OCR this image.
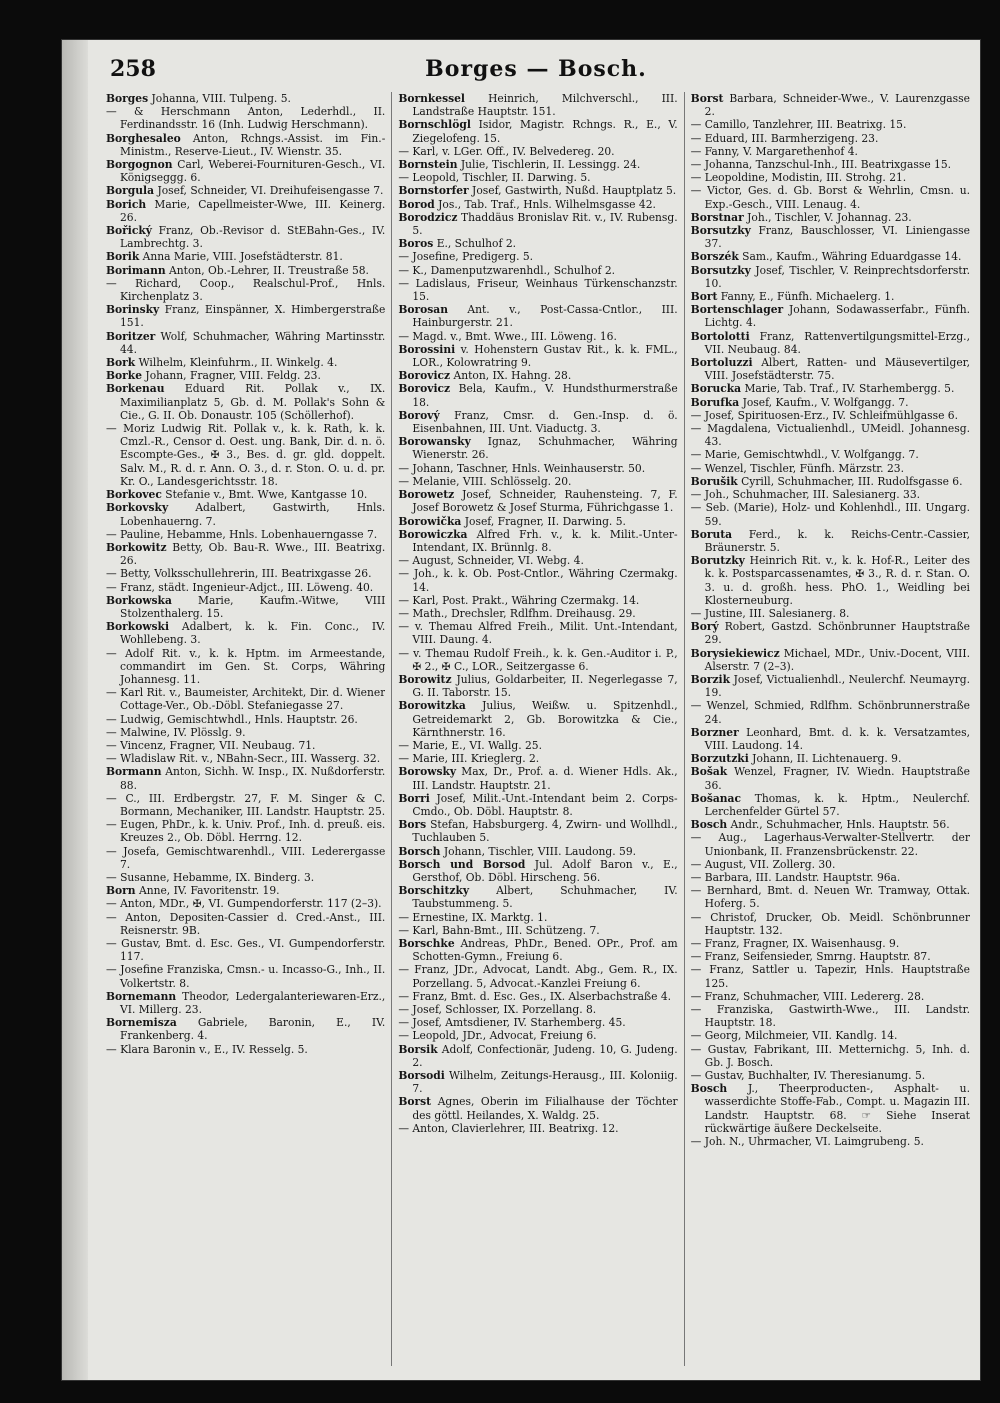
258	Borges — Bosch.

Borges Johanna, VIII. Tulpeng. 5.

— & Herschmann Anton, Lederhdl., II. Ferdinandsstr. 16 (Inh. Ludwig Herschmann).

Borghesaleo Anton, Rchngs.-Assist. im Fin.-Ministm., Reserve-Lieut., IV. Wienstr. 35.

Borgognon Carl, Weberei-Fournituren-Gesch., VI. Königseggg. 6.

Borgula Josef, Schneider, VI. Dreihufeisengasse 7.

Borich Marie, Capellmeister-Wwe, III. Keinerg. 26.

Bořický Franz, Ob.-Revisor d. StEBahn-Ges., IV. Lambrechtg. 3.

Borik Anna Marie, VIII. Josefstädterstr. 81.

Borimann Anton, Ob.-Lehrer, II. Treustraße 58.

— Richard, Coop., Realschul-Prof., Hnls. Kirchenplatz 3.

Borinsky Franz, Einspänner, X. Himbergerstraße 151.

Boritzer Wolf, Schuhmacher, Währing Martinsstr. 44.

Bork Wilhelm, Kleinfuhrm., II. Winkelg. 4.

Borke Johann, Fragner, VIII. Feldg. 23.

Borkenau Eduard Rit. Pollak v., IX. Maximilianplatz 5, Gb. d. M. Pollak's Sohn & Cie., G. II. Ob. Donaustr. 105 (Schöllerhof).

— Moriz Ludwig Rit. Pollak v., k. k. Rath, k. k. Cmzl.-R., Censor d. Oest. ung. Bank, Dir. d. n. ö. Escompte-Ges., ✠ 3., Bes. d. gr. gld. doppelt. Salv. M., R. d. r. Ann. O. 3., d. r. Ston. O. u. d. pr. Kr. O., Landesgerichtsstr. 18.

Borkovec Stefanie v., Bmt. Wwe, Kantgasse 10.

Borkovsky	Adalbert, Gastwirth, Hnls. Lobenhauerng. 7.

— Pauline, Hebamme, Hnls. Lobenhauerngasse 7.

Borkowitz Betty, Ob. Bau-R. Wwe., III. Beatrixg. 26.

— Betty, Volksschullehrerin, III. Beatrixgasse 26.

— Franz, städt. Ingenieur-Adjct., III. Löweng. 40.

Borkowska Marie, Kaufm.-Witwe, VIII Stolzenthalerg. 15.

Borkowski Adalbert, k. k. Fin. Conc., IV. Wohllebeng. 3.

— Adolf Rit. v., k. k. Hptm. im Armeestande, commandirt im Gen. St. Corps, Währing Johannesg. 11.

— Karl Rit. v., Baumeister, Architekt, Dir. d. Wiener Cottage-Ver., Ob.-Döbl. Stefaniegasse 27.

— Ludwig, Gemischtwhdl., Hnls. Hauptstr. 26.

— Malwine, IV. Plösslg. 9.

— Vincenz, Fragner, VII. Neubaug. 71.

— Wladislaw Rit. v., NBahn-Secr., III. Wasserg. 32.

Bormann Anton, Sichh. W. Insp., IX. Nußdorferstr. 88.

— C., III. Erdbergstr. 27, F. M. Singer & C. Bormann, Mechaniker, III. Landstr. Hauptstr. 25.

— Eugen, PhDr., k. k. Univ. Prof., Inh. d. preuß. eis. Kreuzes 2., Ob. Döbl. Herrng. 12.

— Josefa, Gemischtwarenhdl., VIII. Lederergasse 7.

— Susanne, Hebamme, IX. Binderg. 3.

Born Anne, IV. Favoritenstr. 19.

— Anton, MDr., ✠, VI. Gumpendorferstr. 117 (2–3).

— Anton, Depositen-Cassier d. Cred.-Anst., III. Reisnerstr. 9B.

— Gustav, Bmt. d. Esc. Ges., VI. Gumpendorferstr. 117.

— Josefine Franziska, Cmsn.- u. Incasso-G., Inh., II. Volkertstr. 8.

Bornemann Theodor, Ledergalanteriewaren-Erz., VI. Millerg. 23.

Bornemisza Gabriele, Baronin, E., IV. Frankenberg. 4.

— Klara Baronin v., E., IV. Resselg. 5.

Bornkessel Heinrich, Milchverschl., III. Landstraße Hauptstr. 151.

Bornschlögl Isidor, Magistr. Rchngs. R., E., V. Ziegelofeng. 15.

— Karl, v. LGer. Off., IV. Belvedereg. 20.

Bornstein Julie, Tischlerin, II. Lessingg. 24.

— Leopold, Tischler, II. Darwing. 5.

Bornstorfer Josef, Gastwirth, Nußd. Hauptplatz 5.

Borod Jos., Tab. Traf., Hnls. Wilhelmsgasse 42.

Borodzicz Thaddäus Bronislav Rit. v., IV. Rubensg. 5.

Boros E., Schulhof 2.

— Josefine, Predigerg. 5.

— K., Damenputzwarenhdl., Schulhof 2.

— Ladislaus, Friseur, Weinhaus Türkenschanzstr. 15.

Borosan Ant. v., Post-Cassa-Cntlor., III. Hainburgerstr. 21.

— Magd. v., Bmt. Wwe., III. Löweng. 16.

Borossini v. Hohenstern Gustav Rit., k. k. FML., LOR., Kolowratring 9.

Borovicz Anton, IX. Hahng. 28.

Borovicz Bela, Kaufm., V. Hundsthurmerstraße 18.

Borový Franz, Cmsr. d. Gen.-Insp. d. ö. Eisenbahnen, III. Unt. Viaductg. 3.

Borowansky Ignaz, Schuhmacher, Währing Wienerstr. 26.

— Johann, Taschner, Hnls. Weinhauserstr. 50.

— Melanie, VIII. Schlösselg. 20.

Borowetz Josef, Schneider, Rauhensteing. 7, F. Josef Borowetz & Josef Sturma, Führichgasse 1.

Borowička Josef, Fragner, II. Darwing. 5.

Borowiczka Alfred Frh. v., k. k. Milit.-Unter-Intendant, IX. Brünnlg. 8.

— August, Schneider, VI. Webg. 4.

— Joh., k. k. Ob. Post-Cntlor., Währing Czermakg. 14.

— Karl, Post. Prakt., Währing Czermakg. 14.

— Math., Drechsler, Rdlfhm. Dreihausg. 29.

— v. Themau Alfred Freih., Milit. Unt.-Intendant, VIII. Daung. 4.

— v. Themau Rudolf Freih., k. k. Gen.-Auditor i. P., ✠ 2., ✠ C., LOR., Seitzergasse 6.

Borowitz Julius, Goldarbeiter, II. Negerlegasse 7, G. II. Taborstr. 15.

Borowitzka Julius, Weißw. u. Spitzenhdl., Getreidemarkt 2, Gb. Borowitzka & Cie., Kärnthnerstr. 16.

— Marie, E., VI. Wallg. 25.

— Marie, III. Krieglerg. 2.

Borowsky Max, Dr., Prof. a. d. Wiener Hdls. Ak., III. Landstr. Hauptstr. 21.

Borri Josef, Milit.-Unt.-Intendant beim 2. Corps-Cmdo., Ob. Döbl. Hauptstr. 8.

Bors Stefan, Habsburgerg. 4, Zwirn- und Wollhdl., Tuchlauben 5.

Borsch Johann, Tischler, VIII. Laudong. 59.

Borsch und Borsod Jul. Adolf Baron v., E., Gersthof, Ob. Döbl. Hirscheng. 56.

Borschitzky	Albert, Schuhmacher, IV. Taubstummeng. 5.

— Ernestine, IX. Marktg. 1.

— Karl, Bahn-Bmt., III. Schützeng. 7.

Borschke Andreas, PhDr., Bened. OPr., Prof. am Schotten-Gymn., Freiung 6.

— Franz, JDr., Advocat, Landt. Abg., Gem. R., IX. Porzellang. 5, Advocat.-Kanzlei Freiung 6.

— Franz, Bmt. d. Esc. Ges., IX. Alserbachstraße 4.

— Josef, Schlosser, IX. Porzellang. 8.

— Josef, Amtsdiener, IV. Starhemberg. 45.

— Leopold, JDr., Advocat, Freiung 6.

Borsik Adolf, Confectionär, Judeng. 10, G. Judeng. 2.

Borsodi Wilhelm, Zeitungs-Herausg., III. Koloniig. 7.

Borst Agnes, Oberin im Filialhause der Töchter des göttl. Heilandes, X. Waldg. 25.

— Anton, Clavierlehrer, III. Beatrixg. 12.

Borst Barbara, Schneider-Wwe., V. Laurenzgasse 2.

— Camillo, Tanzlehrer, III. Beatrixg. 15.

— Eduard, III. Barmherzigeng. 23.

— Fanny, V. Margarethenhof 4.

— Johanna, Tanzschul-Inh., III. Beatrixgasse 15.

— Leopoldine, Modistin, III. Strohg. 21.

— Victor, Ges. d. Gb. Borst & Wehrlin, Cmsn. u. Exp.-Gesch., VIII. Lenaug. 4.

Borstnar Joh., Tischler, V. Johannag. 23.

Borsutzky Franz, Bauschlosser, VI. Liniengasse 37.

Borszék Sam., Kaufm., Währing Eduardgasse 14.

Borsutzky Josef, Tischler, V. Reinprechtsdorferstr. 10.

Bort Fanny, E., Fünfh. Michaelerg. 1.

Bortenschlager Johann, Sodawasserfabr., Fünfh. Lichtg. 4.

Bortolotti Franz, Rattenvertilgungsmittel-Erzg., VII. Neubaug. 84.

Bortoluzzi Albert, Ratten- und Mäusevertilger, VIII. Josefstädterstr. 75.

Borucka Marie, Tab. Traf., IV. Starhembergg. 5.

Borufka Josef, Kaufm., V. Wolfgangg. 7.

— Josef, Spirituosen-Erz., IV. Schleifmühlgasse 6.

— Magdalena, Victualienhdl., UMeidl. Johannesg. 43.

— Marie, Gemischtwhdl., V. Wolfgangg. 7.

— Wenzel, Tischler, Fünfh. Märzstr. 23.

Borušik Cyrill, Schuhmacher, III. Rudolfsgasse 6.

— Joh., Schuhmacher, III. Salesianerg. 33.

— Seb. (Marie), Holz- und Kohlenhdl., III. Ungarg. 59.

Boruta Ferd., k. k. Reichs-Centr.-Cassier, Bräunerstr. 5.

Borutzky Heinrich Rit. v., k. k. Hof-R., Leiter des k. k. Postsparcassenamtes, ✠ 3., R. d. r. Stan. O. 3. u. d. großh. hess. PhO. 1., Weidling bei Klosterneuburg.

— Justine, III. Salesianerg. 8.

Borý Robert, Gastzd. Schönbrunner Hauptstraße 29.

Borysiekiewicz Michael, MDr., Univ.-Docent, VIII. Alserstr. 7 (2–3).

Borzik Josef, Victualienhdl., Neulerchf. Neumayrg. 19.

— Wenzel, Schmied, Rdlfhm. Schönbrunnerstraße 24.

Borzner Leonhard, Bmt. d. k. k. Versatzamtes, VIII. Laudong. 14.

Borzutzki Johann, II. Lichtenauerg. 9.

Bošak Wenzel, Fragner, IV. Wiedn. Hauptstraße 36.

Bošanac Thomas, k. k. Hptm., Neulerchf. Lerchenfelder Gürtel 57.

Bosch Andr., Schuhmacher, Hnls. Hauptstr. 56.

— Aug., Lagerhaus-Verwalter-Stellvertr. der Unionbank, II. Franzensbrückenstr. 22.

— August, VII. Zollerg. 30.

— Barbara, III. Landstr. Hauptstr. 96a.

— Bernhard, Bmt. d. Neuen Wr. Tramway, Ottak. Hoferg. 5.

— Christof, Drucker, Ob. Meidl. Schönbrunner Hauptstr. 132.

— Franz, Fragner, IX. Waisenhausg. 9.

— Franz, Seifensieder, Smrng. Hauptstr. 87.

— Franz, Sattler u. Tapezir, Hnls. Hauptstraße 125.

— Franz, Schuhmacher, VIII. Ledererg. 28.

— Franziska, Gastwirth-Wwe., III. Landstr. Hauptstr. 18.

— Georg, Milchmeier, VII. Kandlg. 14.

— Gustav, Fabrikant, III. Metternichg. 5, Inh. d. Gb. J. Bosch.

— Gustav, Buchhalter, IV. Theresianumg. 5.

Bosch J., Theerproducten-, Asphalt- u. wasserdichte Stoffe-Fab., Compt. u. Magazin III. Landstr. Hauptstr. 68. ☞ Siehe Inserat rückwärtige äußere Deckelseite.

— Joh. N., Uhrmacher, VI. Laimgrubeng. 5.
